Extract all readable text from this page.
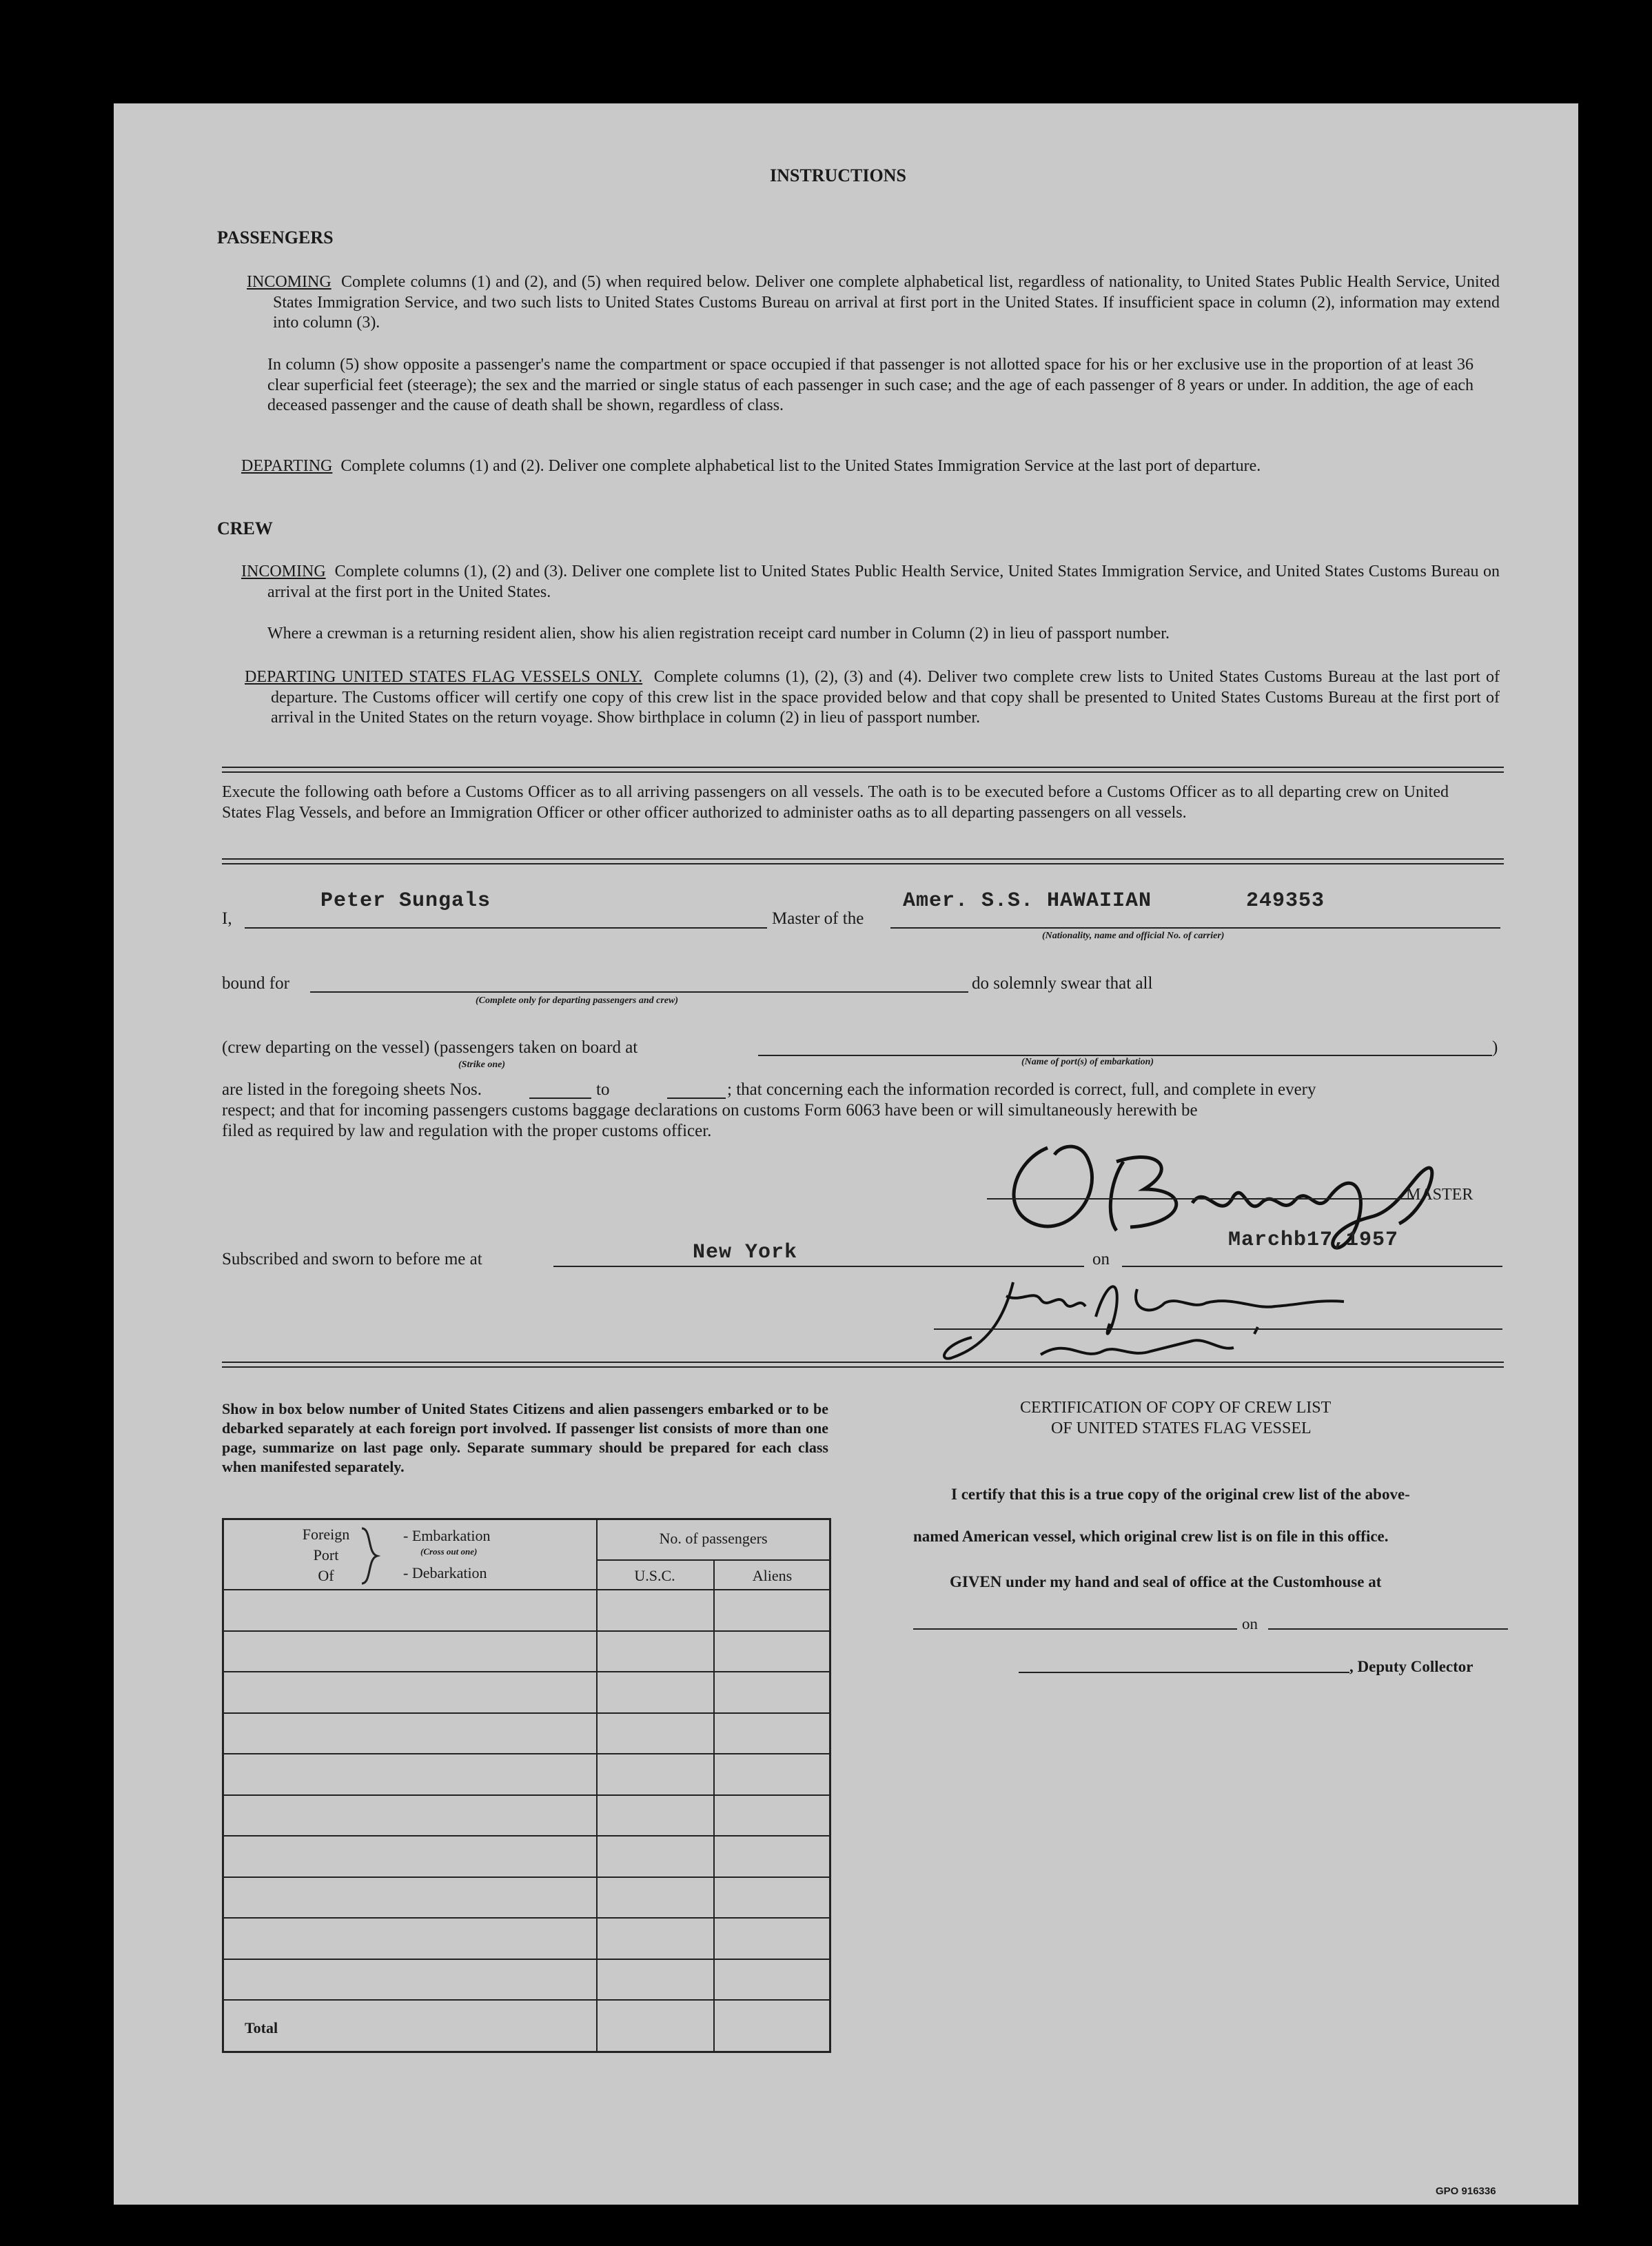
INSTRUCTIONS
PASSENGERS
INCOMING Complete columns (1) and (2), and (5) when required below. Deliver one complete alphabetical list, regardless of nationality, to United States Public Health Service, United States Immigration Service, and two such lists to United States Customs Bureau on arrival at first port in the United States. If insufficient space in column (2), information may extend into column (3).
In column (5) show opposite a passenger's name the compartment or space occupied if that passenger is not allotted space for his or her exclusive use in the proportion of at least 36 clear superficial feet (steerage); the sex and the married or single status of each passenger in such case; and the age of each passenger of 8 years or under. In addition, the age of each deceased passenger and the cause of death shall be shown, regardless of class.
DEPARTING Complete columns (1) and (2). Deliver one complete alphabetical list to the United States Immigration Service at the last port of departure.
CREW
INCOMING Complete columns (1), (2) and (3). Deliver one complete list to United States Public Health Service, United States Immigration Service, and United States Customs Bureau on arrival at the first port in the United States.
Where a crewman is a returning resident alien, show his alien registration receipt card number in Column (2) in lieu of passport number.
DEPARTING UNITED STATES FLAG VESSELS ONLY. Complete columns (1), (2), (3) and (4). Deliver two complete crew lists to United States Customs Bureau at the last port of departure. The Customs officer will certify one copy of this crew list in the space provided below and that copy shall be presented to United States Customs Bureau at the first port of arrival in the United States on the return voyage. Show birthplace in column (2) in lieu of passport number.
Execute the following oath before a Customs Officer as to all arriving passengers on all vessels. The oath is to be executed before a Customs Officer as to all departing crew on United States Flag Vessels, and before an Immigration Officer or other officer authorized to administer oaths as to all departing passengers on all vessels.
I,
Peter Sungals
Master of the
Amer. S.S. HAWAIIAN	249353
(Nationality, name and official No. of carrier)
bound for
(Complete only for departing passengers and crew)
do solemnly swear that all
(crew departing on the vessel) (passengers taken on board at	)
(Strike one)	(Name of port(s) of embarkation)
are listed in the foregoing sheets Nos.	to	; that concerning each the information recorded is correct, full, and complete in every
respect; and that for incoming passengers customs baggage declarations on customs Form 6063 have been or will simultaneously herewith be
filed as required by law and regulation with the proper customs officer.
MASTER
Subscribed and sworn to before me at	New York	on
Marchb17,1957
Show in box below number of United States Citizens and alien passengers embarked or to be debarked separately at each foreign port involved. If passenger list consists of more than one page, summarize on last page only. Separate summary should be prepared for each class when manifested separately.
Foreign
Port
Of
- Embarkation
(Cross out one)
- Debarkation
No. of passengers
U.S.C.	Aliens
Total
CERTIFICATION OF COPY OF CREW LIST
OF UNITED STATES FLAG VESSEL
I certify that this is a true copy of the original crew list of the above-
named American vessel, which original crew list is on file in this office.
GIVEN under my hand and seal of office at the Customhouse at
on
, Deputy Collector
GPO 916336
